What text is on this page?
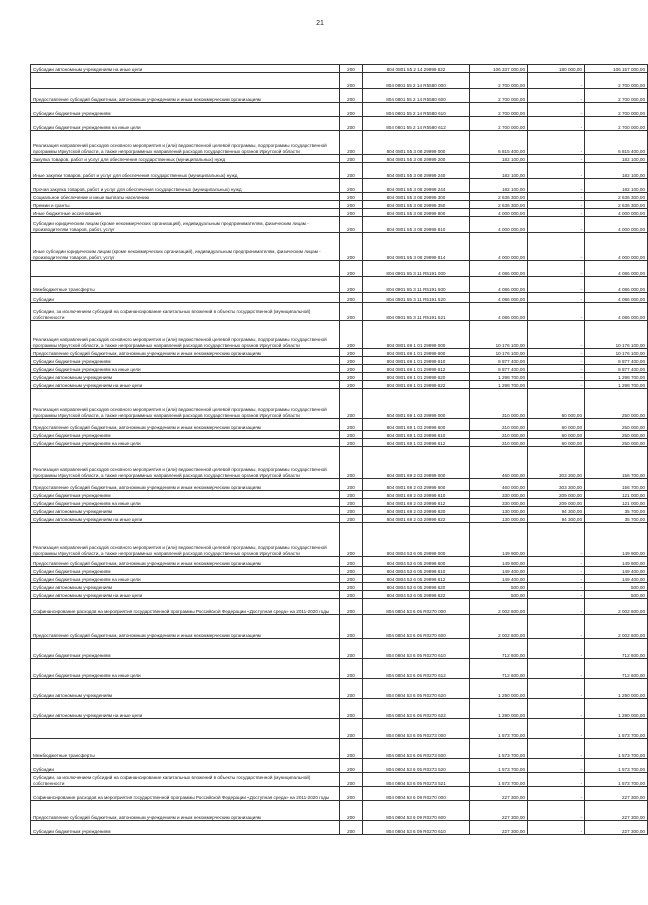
21
Субсидии автономным учреждениям на иные цели	200	804 0801 55 2 14 29999 622	106 337 000,00	180 000,00	106 157 000,00
	200	804 0801 55 2 14 R5580 000	2 700 000,00	-	2 700 000,00
Предоставление субсидий бюджетным, автономным учреждениям и иным некоммерческим организациям	200	804 0801 55 2 14 R5580 600	2 700 000,00	-	2 700 000,00
Субсидии бюджетным учреждениям	200	804 0801 55 2 14 R5580 610	2 700 000,00	-	2 700 000,00
Субсидии бюджетным учреждениям на иные цели	200	804 0801 55 2 14 R5580 612	2 700 000,00	-	2 700 000,00
Реализация направлений расходов основного мероприятия и (или) ведомственной целевой программы, подпрограммы государственной программы Иркутской области, а также непрограммных направлений расходов государственных органов Иркутской области	200	804 0801 55 3 08 29999 000	6 815 400,00	-	6 815 400,00
Закупка товаров, работ и услуг для обеспечения государственных (муниципальных) нужд	200	804 0801 55 3 08 29999 200	182 100,00	-	182 100,00
Иные закупки товаров, работ и услуг для обеспечения государственных (муниципальных) нужд	200	804 0801 55 3 08 29999 240	182 100,00	-	182 100,00
Прочая закупка товаров, работ и услуг для обеспечения государственных (муниципальных) нужд	200	804 0801 55 3 08 29999 244	182 100,00	-	182 100,00
Социальное обеспечение и иные выплаты населению	200	804 0801 55 3 08 29999 300	2 636 300,00	-	2 636 300,00
Премии и гранты	200	804 0801 55 3 08 29999 350	2 636 300,00	-	2 636 300,00
Иные бюджетные ассигнования	200	804 0801 55 3 08 29999 800	4 000 000,00	-	4 000 000,00
Субсидии юридическим лицам (кроме некоммерческих организаций), индивидуальным предпринимателям, физическим лицам - производителям товаров, работ, услуг	200	804 0801 55 3 08 29999 810	4 000 000,00	-	4 000 000,00
Иные субсидии юридическим лицам (кроме некоммерческих организаций), индивидуальным предпринимателям, физическим лицам - производителям товаров, работ, услуг	200	804 0801 55 3 08 29999 814	4 000 000,00	-	4 000 000,00
	200	804 0801 55 3 11 R5191 000	4 086 000,00	-	4 086 000,00
Межбюджетные трансферты	200	804 0801 55 3 11 R5191 500	4 086 000,00	-	4 086 000,00
Субсидии	200	804 0801 55 3 11 R5191 520	4 086 000,00	-	4 086 000,00
Субсидии, за исключением субсидий на софинансирование капитальных вложений в объекты государственной (муниципальной) собственности	200	804 0801 55 3 11 R5191 521	4 086 000,00	-	4 086 000,00
Реализация направлений расходов основного мероприятия и (или) ведомственной целевой программы, подпрограммы государственной программы Иркутской области, а также непрограммных направлений расходов государственных органов Иркутской области	200	804 0801 69 1 01 29999 000	10 176 100,00	-	10 176 100,00
Предоставление субсидий бюджетным, автономным учреждениям и иным некоммерческим организациям	200	804 0801 69 1 01 29999 600	10 176 100,00	-	10 176 100,00
Субсидии бюджетным учреждениям	200	804 0801 69 1 01 29999 610	8 877 400,00	-	8 877 400,00
Субсидии бюджетным учреждениям на иные цели	200	804 0801 69 1 01 29999 612	8 877 400,00	-	8 877 400,00
Субсидии автономным учреждениям	200	804 0801 69 1 01 29999 620	1 298 700,00	-	1 298 700,00
Субсидии автономным учреждениям на иные цели	200	804 0801 69 1 01 29999 622	1 298 700,00	-	1 298 700,00
Реализация направлений расходов основного мероприятия и (или) ведомственной целевой программы, подпрограммы государственной программы Иркутской области, а также непрограммных направлений расходов государственных органов Иркутской области	200	804 0801 69 1 03 29999 000	310 000,00	60 000,00	250 000,00
Предоставление субсидий бюджетным, автономным учреждениям и иным некоммерческим организациям	200	804 0801 69 1 03 29999 600	310 000,00	60 000,00	250 000,00
Субсидии бюджетным учреждениям	200	804 0801 69 1 03 29999 610	310 000,00	60 000,00	250 000,00
Субсидии бюджетным учреждениям на иные цели	200	804 0801 69 1 03 29999 612	310 000,00	60 000,00	250 000,00
Реализация направлений расходов основного мероприятия и (или) ведомственной целевой программы, подпрограммы государственной программы Иркутской области, а также непрограммных направлений расходов государственных органов Иркутской области	200	804 0801 69 2 03 29999 000	460 000,00	303 300,00	156 700,00
Предоставление субсидий бюджетным, автономным учреждениям и иным некоммерческим организациям	200	804 0801 69 2 03 29999 600	460 000,00	303 300,00	156 700,00
Субсидии бюджетным учреждениям	200	804 0801 69 2 03 29999 610	330 000,00	209 000,00	121 000,00
Субсидии бюджетным учреждениям на иные цели	200	804 0801 69 2 03 29999 612	330 000,00	209 000,00	121 000,00
Субсидии автономным учреждениям	200	804 0801 69 2 03 29999 620	130 000,00	94 300,00	35 700,00
Субсидии автономным учреждениям на иные цели	200	804 0801 69 2 03 29999 622	130 000,00	94 300,00	35 700,00
Реализация направлений расходов основного мероприятия и (или) ведомственной целевой программы, подпрограммы государственной программы Иркутской области, а также непрограммных направлений расходов государственных органов Иркутской области	200	804 0804 53 6 05 29999 000	149 900,00	-	149 900,00
Предоставление субсидий бюджетным, автономным учреждениям и иным некоммерческим организациям	200	804 0804 53 6 05 29999 600	149 900,00	-	149 900,00
Субсидии бюджетным учреждениям	200	804 0804 53 6 05 29999 610	149 400,00	-	149 400,00
Субсидии бюджетным учреждениям на иные цели	200	804 0804 53 6 05 29999 612	149 400,00	-	149 400,00
Субсидии автономным учреждениям	200	804 0804 53 6 05 29999 620	500,00	-	500,00
Субсидии автономным учреждениям на иные цели	200	804 0804 53 6 05 29999 622	500,00	-	500,00
Софинансирование расходов на мероприятия государственной программы Российской Федерации «Доступная среда» на 2011-2020 годы	200	804 0804 53 6 05 R0270 000	2 002 600,00	-	2 002 600,00
Предоставление субсидий бюджетным, автономным учреждениям и иным некоммерческим организациям	200	804 0804 53 6 05 R0270 600	2 002 600,00	-	2 002 600,00
Субсидии бюджетным учреждениям	200	804 0804 53 6 05 R0270 610	712 600,00	-	712 600,00
Субсидии бюджетным учреждениям на иные цели	200	804 0804 53 6 05 R0270 612	712 600,00	-	712 600,00
Субсидии автономным учреждениям	200	804 0804 53 6 05 R0270 620	1 290 000,00	-	1 290 000,00
Субсидии автономным учреждениям на иные цели	200	804 0804 53 6 05 R0270 622	1 290 000,00	-	1 290 000,00
	200	804 0804 53 6 05 R0273 000	1 573 700,00	-	1 573 700,00
Межбюджетные трансферты	200	804 0804 53 6 05 R0273 500	1 573 700,00	-	1 573 700,00
Субсидии	200	804 0804 53 6 05 R0273 520	1 573 700,00	-	1 573 700,00
Субсидии, за исключением субсидий на софинансирование капитальных вложений в объекты государственной (муниципальной) собственности	200	804 0804 53 6 05 R0273 521	1 573 700,00	-	1 573 700,00
Софинансирование расходов на мероприятия государственной программы Российской Федерации «Доступная среда» на 2011-2020 годы	200	804 0804 53 6 09 R0270 000	227 300,00	-	227 300,00
Предоставление субсидий бюджетным, автономным учреждениям и иным некоммерческим организациям	200	804 0804 53 6 09 R0270 600	227 300,00	-	227 300,00
Субсидии бюджетным учреждениям	200	804 0804 53 6 09 R0270 610	227 300,00	-	227 300,00
